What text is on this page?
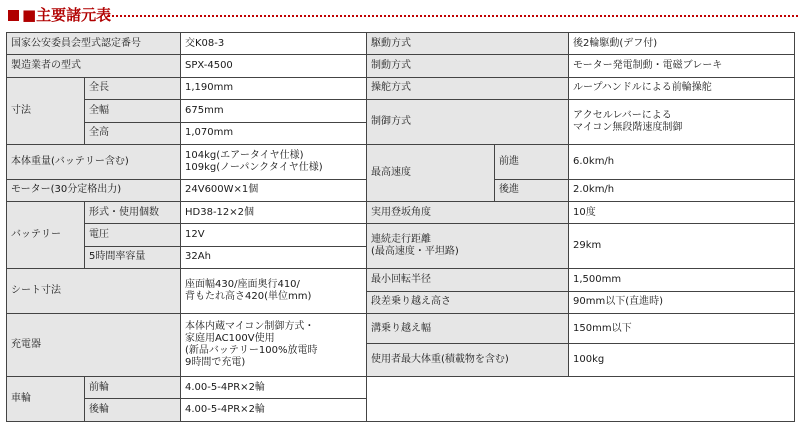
■主要諸元表
国家公安委員会型式認定番号		交K08-3	駆動方式		後2輪駆動(デフ付)
製造業者の型式		SPX-4500	制動方式		モーター発電制動・電磁ブレーキ
寸法	全長	1,190mm	操舵方式		ループハンドルによる前輪操舵
	全幅	675mm	制御方式		アクセルレバーによる
マイコン無段階速度制御
	全高	1,070mm			
本体重量(バッテリー含む)		104kg(エアータイヤ仕様)
109kg(ノーパンクタイヤ仕様)	最高速度	前進	6.0km/h
モーター(30分定格出力)		24V600W×1個		後進	2.0km/h
バッテリー	形式・使用個数	HD38-12×2個	実用登坂角度		10度
	電圧	12V	連続走行距離
(最高速度・平坦路)		29km
	5時間率容量	32Ah			
シート寸法		座面幅430/座面奥行410/
背もたれ高さ420(単位mm)	最小回転半径		1,500mm
			段差乗り越え高さ		90mm以下(直進時)
充電器		本体内蔵マイコン制御方式・
家庭用AC100V使用
(新品バッテリー100%放電時
9時間で充電)	溝乗り越え幅		150mm以下
			使用者最大体重(積載物を含む)		100kg
車輪	前輪	4.00-5-4PR×2輪			
	後輪	4.00-5-4PR×2輪			
